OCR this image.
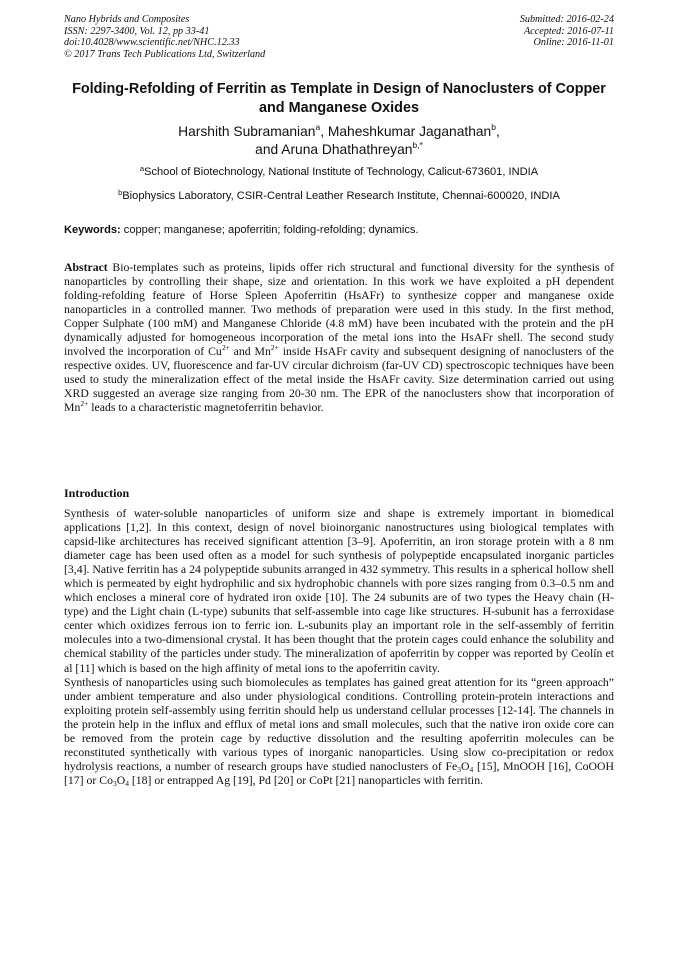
Nano Hybrids and Composites
ISSN: 2297-3400, Vol. 12, pp 33-41
doi:10.4028/www.scientific.net/NHC.12.33
© 2017 Trans Tech Publications Ltd, Switzerland
Submitted: 2016-02-24
Accepted: 2016-07-11
Online: 2016-11-01
Folding-Refolding of Ferritin as Template in Design of Nanoclusters of Copper and Manganese Oxides
Harshith Subramanian$^a$, Maheshkumar Jaganathan$^b$,
and Aruna Dhathathreyan$^{b,*}$
$^a$School of Biotechnology, National Institute of Technology, Calicut-673601, INDIA
$^b$Biophysics Laboratory, CSIR-Central Leather Research Institute, Chennai-600020, INDIA
Keywords: copper; manganese; apoferritin; folding-refolding; dynamics.
Abstract Bio-templates such as proteins, lipids offer rich structural and functional diversity for the synthesis of nanoparticles by controlling their shape, size and orientation. In this work we have exploited a pH dependent folding-refolding feature of Horse Spleen Apoferritin (HsAFr) to synthesize copper and manganese oxide nanoparticles in a controlled manner. Two methods of preparation were used in this study. In the first method, Copper Sulphate (100 mM) and Manganese Chloride (4.8 mM) have been incubated with the protein and the pH dynamically adjusted for homogeneous incorporation of the metal ions into the HsAFr shell. The second study involved the incorporation of $Cu^{2+}$ and $Mn^{2+}$ inside HsAFr cavity and subsequent designing of nanoclusters of the respective oxides. UV, fluorescence and far-UV circular dichroism (far-UV CD) spectroscopic techniques have been used to study the mineralization effect of the metal inside the HsAFr cavity. Size determination carried out using XRD suggested an average size ranging from 20-30 nm. The EPR of the nanoclusters show that incorporation of $Mn^{2+}$ leads to a characteristic magnetoferritin behavior.
Introduction

Synthesis of water-soluble nanoparticles of uniform size and shape is extremely important in biomedical applications [1,2]. In this context, design of novel bioinorganic nanostructures using biological templates with capsid-like architectures has received significant attention [3–9]. Apoferritin, an iron storage protein with a 8 nm diameter cage has been used often as a model for such synthesis of polypeptide encapsulated inorganic particles [3,4]. Native ferritin has a 24 polypeptide subunits arranged in 432 symmetry. This results in a spherical hollow shell which is permeated by eight hydrophilic and six hydrophobic channels with pore sizes ranging from 0.3–0.5 nm and which encloses a mineral core of hydrated iron oxide [10]. The 24 subunits are of two types the Heavy chain (H-type) and the Light chain (L-type) subunits that self-assemble into cage like structures. H-subunit has a ferroxidase center which oxidizes ferrous ion to ferric ion. L-subunits play an important role in the self-assembly of ferritin molecules into a two-dimensional crystal. It has been thought that the protein cages could enhance the solubility and chemical stability of the particles under study. The mineralization of apoferritin by copper was reported by Ceolín et al [11] which is based on the high affinity of metal ions to the apoferritin cavity.

Synthesis of nanoparticles using such biomolecules as templates has gained great attention for its “green approach” under ambient temperature and also under physiological conditions. Controlling protein-protein interactions and exploiting protein self-assembly using ferritin should help us understand cellular processes [12-14]. The channels in the protein help in the influx and efflux of metal ions and small molecules, such that the native iron oxide core can be removed from the protein cage by reductive dissolution and the resulting apoferritin molecules can be reconstituted synthetically with various types of inorganic nanoparticles. Using slow co-precipitation or redox hydrolysis reactions, a number of research groups have studied nanoclusters of $Fe_3O_4$ [15], MnOOH [16], CoOOH [17] or $Co_3O_4$ [18] or entrapped Ag [19], Pd [20] or CoPt [21] nanoparticles with ferritin.
